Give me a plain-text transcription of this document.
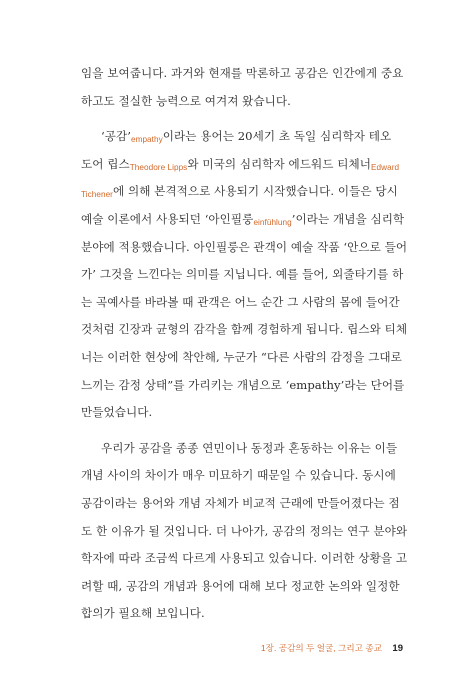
임을 보여줍니다. 과거와 현재를 막론하고 공감은 인간에게 중요
하고도 절실한 능력으로 여겨져 왔습니다.
‘공감’empathy이라는 용어는 20세기 초 독일 심리학자 테오
도어 립스Theodore Lipps와 미국의 심리학자 에드워드 티체너Edward
Tichener에 의해 본격적으로 사용되기 시작했습니다. 이들은 당시
예술 이론에서 사용되던 ‘아인필룽einfühlung’이라는 개념을 심리학
분야에 적용했습니다. 아인필룽은 관객이 예술 작품 ‘안으로 들어
가’ 그것을 느낀다는 의미를 지닙니다. 예를 들어, 외줄타기를 하
는 곡예사를 바라볼 때 관객은 어느 순간 그 사람의 몸에 들어간
것처럼 긴장과 균형의 감각을 함께 경험하게 됩니다. 립스와 티체
너는 이러한 현상에 착안해, 누군가 “다른 사람의 감정을 그대로
느끼는 감정 상태”를 가리키는 개념으로 ‘empathy’라는 단어를
만들었습니다.
우리가 공감을 종종 연민이나 동정과 혼동하는 이유는 이들
개념 사이의 차이가 매우 미묘하기 때문일 수 있습니다. 동시에
공감이라는 용어와 개념 자체가 비교적 근래에 만들어졌다는 점
도 한 이유가 될 것입니다. 더 나아가, 공감의 정의는 연구 분야와
학자에 따라 조금씩 다르게 사용되고 있습니다. 이러한 상황을 고
려할 때, 공감의 개념과 용어에 대해 보다 정교한 논의와 일정한
합의가 필요해 보입니다.
1장. 공감의 두 얼굴, 그리고 종교 19
